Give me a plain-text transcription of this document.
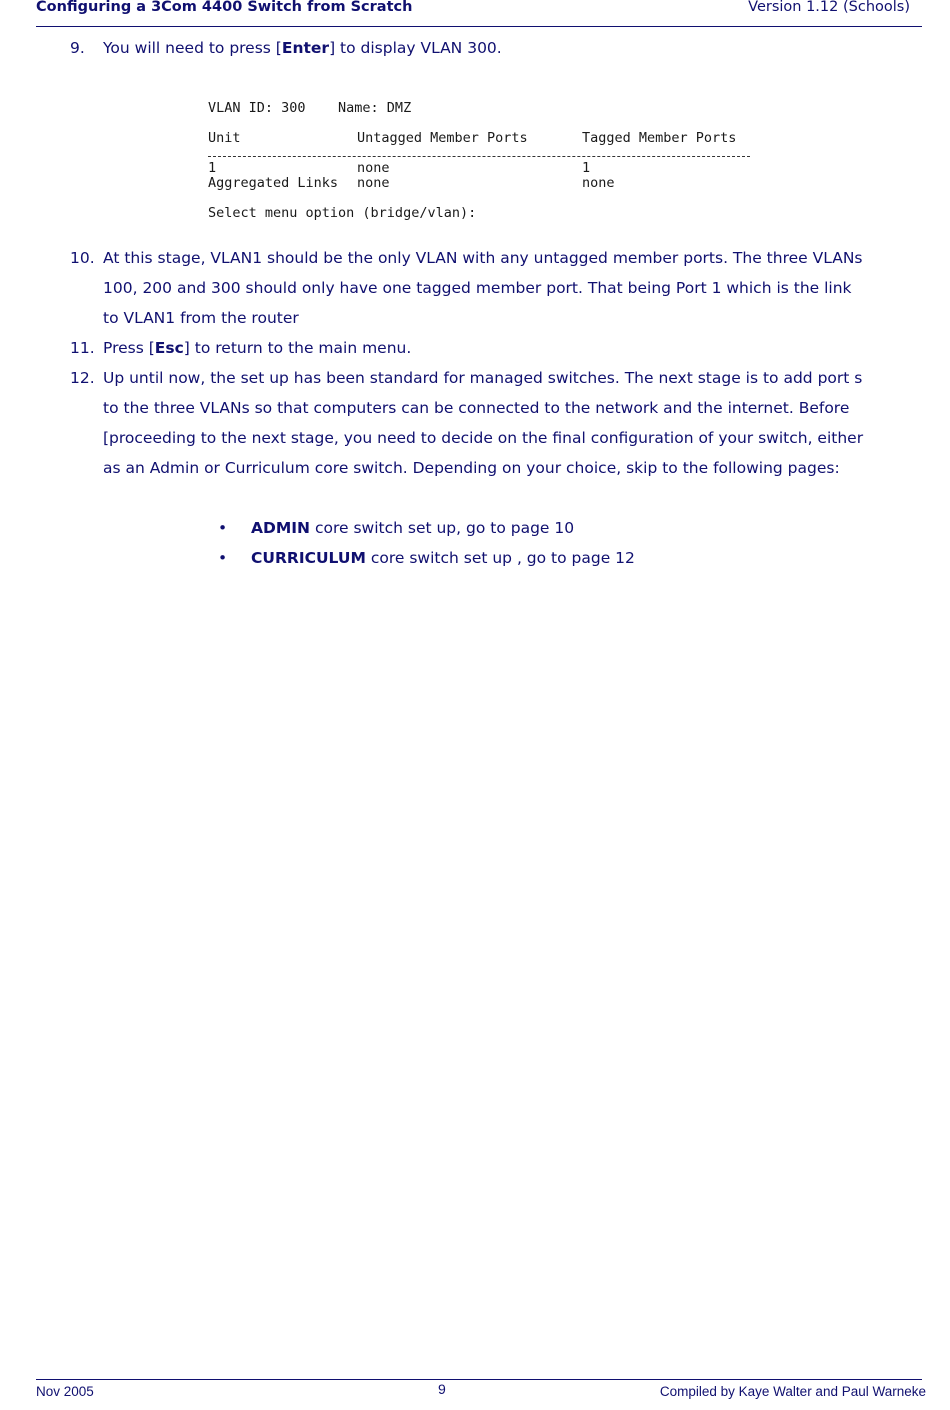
Configuring a 3Com 4400 Switch from Scratch	Version 1.12 (Schools)
9. You will need to press [Enter] to display VLAN 300.
VLAN ID: 300    Name: DMZ
Unit	Untagged Member Ports	Tagged Member Ports
1	none	1
Aggregated Links none	none
Select menu option (bridge/vlan):
10. At this stage, VLAN1 should be the only VLAN with any untagged member ports. The three VLANs
100, 200 and 300 should only have one tagged member port. That being Port 1 which is the link
to VLAN1 from the router
11. Press [Esc] to return to the main menu.
12. Up until now, the set up has been standard for managed switches. The next stage is to add port s
to the three VLANs so that computers can be connected to the network and the internet. Before
[proceeding to the next stage, you need to decide on the final configuration of your switch, either
as an Admin or Curriculum core switch. Depending on your choice, skip to the following pages:
• ADMIN core switch set up, go to page 10
• CURRICULUM core switch set up , go to page 12
Nov 2005	9	Compiled by Kaye Walter and Paul Warneke
